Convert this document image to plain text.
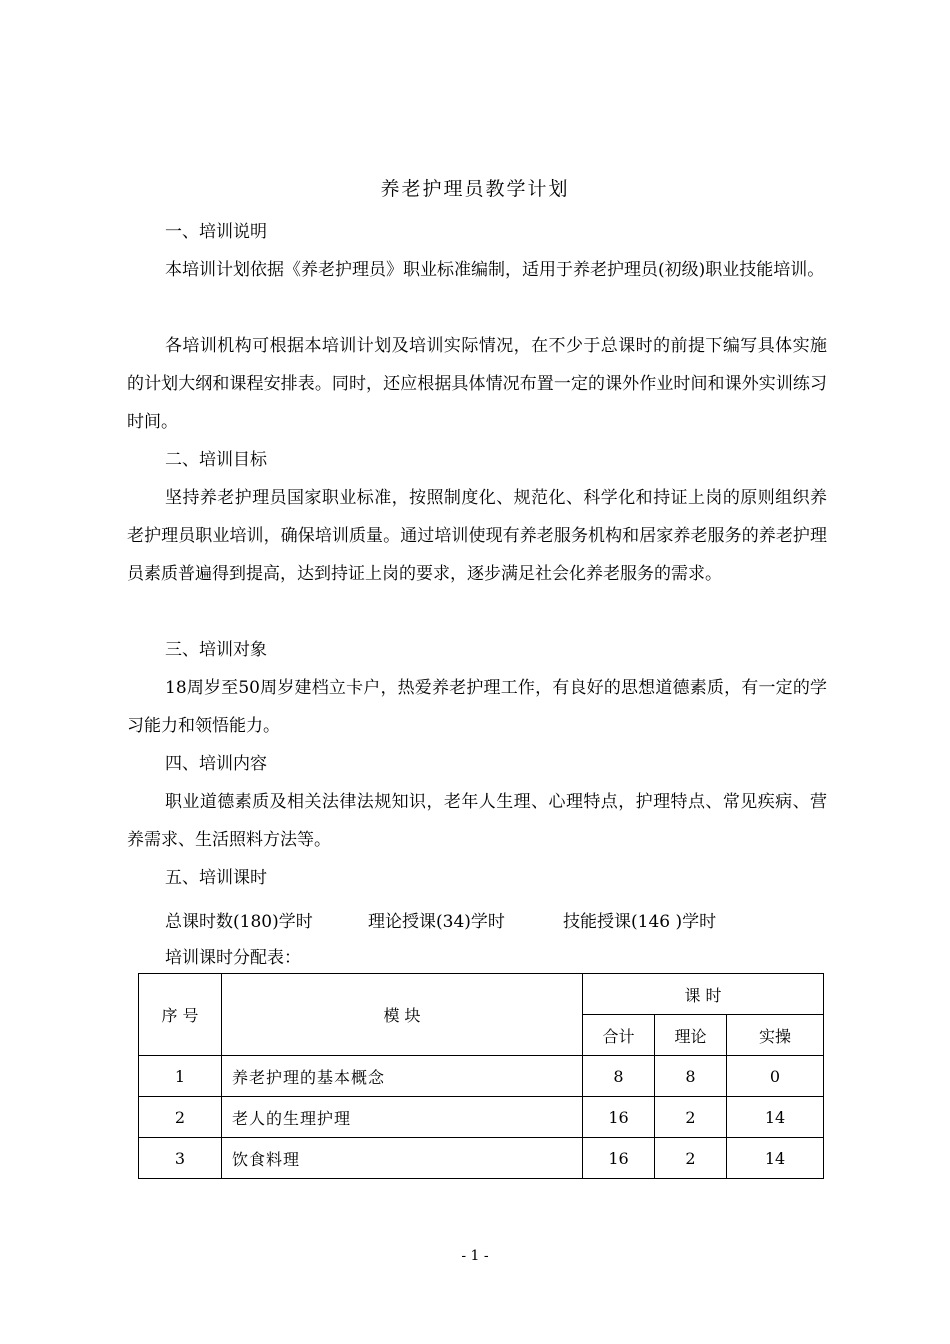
养老护理员教学计划
一、培训说明
本培训计划依据《养老护理员》职业标准编制，适用于养老护理员(初级)职业技能培训。
各培训机构可根据本培训计划及培训实际情况，在不少于总课时的前提下编写具体实施的计划大纲和课程安排表。同时，还应根据具体情况布置一定的课外作业时间和课外实训练习时间。
二、培训目标
坚持养老护理员国家职业标准，按照制度化、规范化、科学化和持证上岗的原则组织养老护理员职业培训，确保培训质量。通过培训使现有养老服务机构和居家养老服务的养老护理员素质普遍得到提高，达到持证上岗的要求，逐步满足社会化养老服务的需求。
三、培训对象
18周岁至50周岁建档立卡户，热爱养老护理工作，有良好的思想道德素质，有一定的学习能力和领悟能力。
四、培训内容
职业道德素质及相关法律法规知识，老年人生理、心理特点，护理特点、常见疾病、营养需求、生活照料方法等。
五、培训课时
总课时数(180)学时	理论授课(34)学时	技能授课(146 )学时
培训课时分配表：
序 号	模 块	课 时		
		合计	理论	实操
1	养老护理的基本概念	8	8	0
2	老人的生理护理	16	2	14
3	饮食料理	16	2	14
- 1 -
